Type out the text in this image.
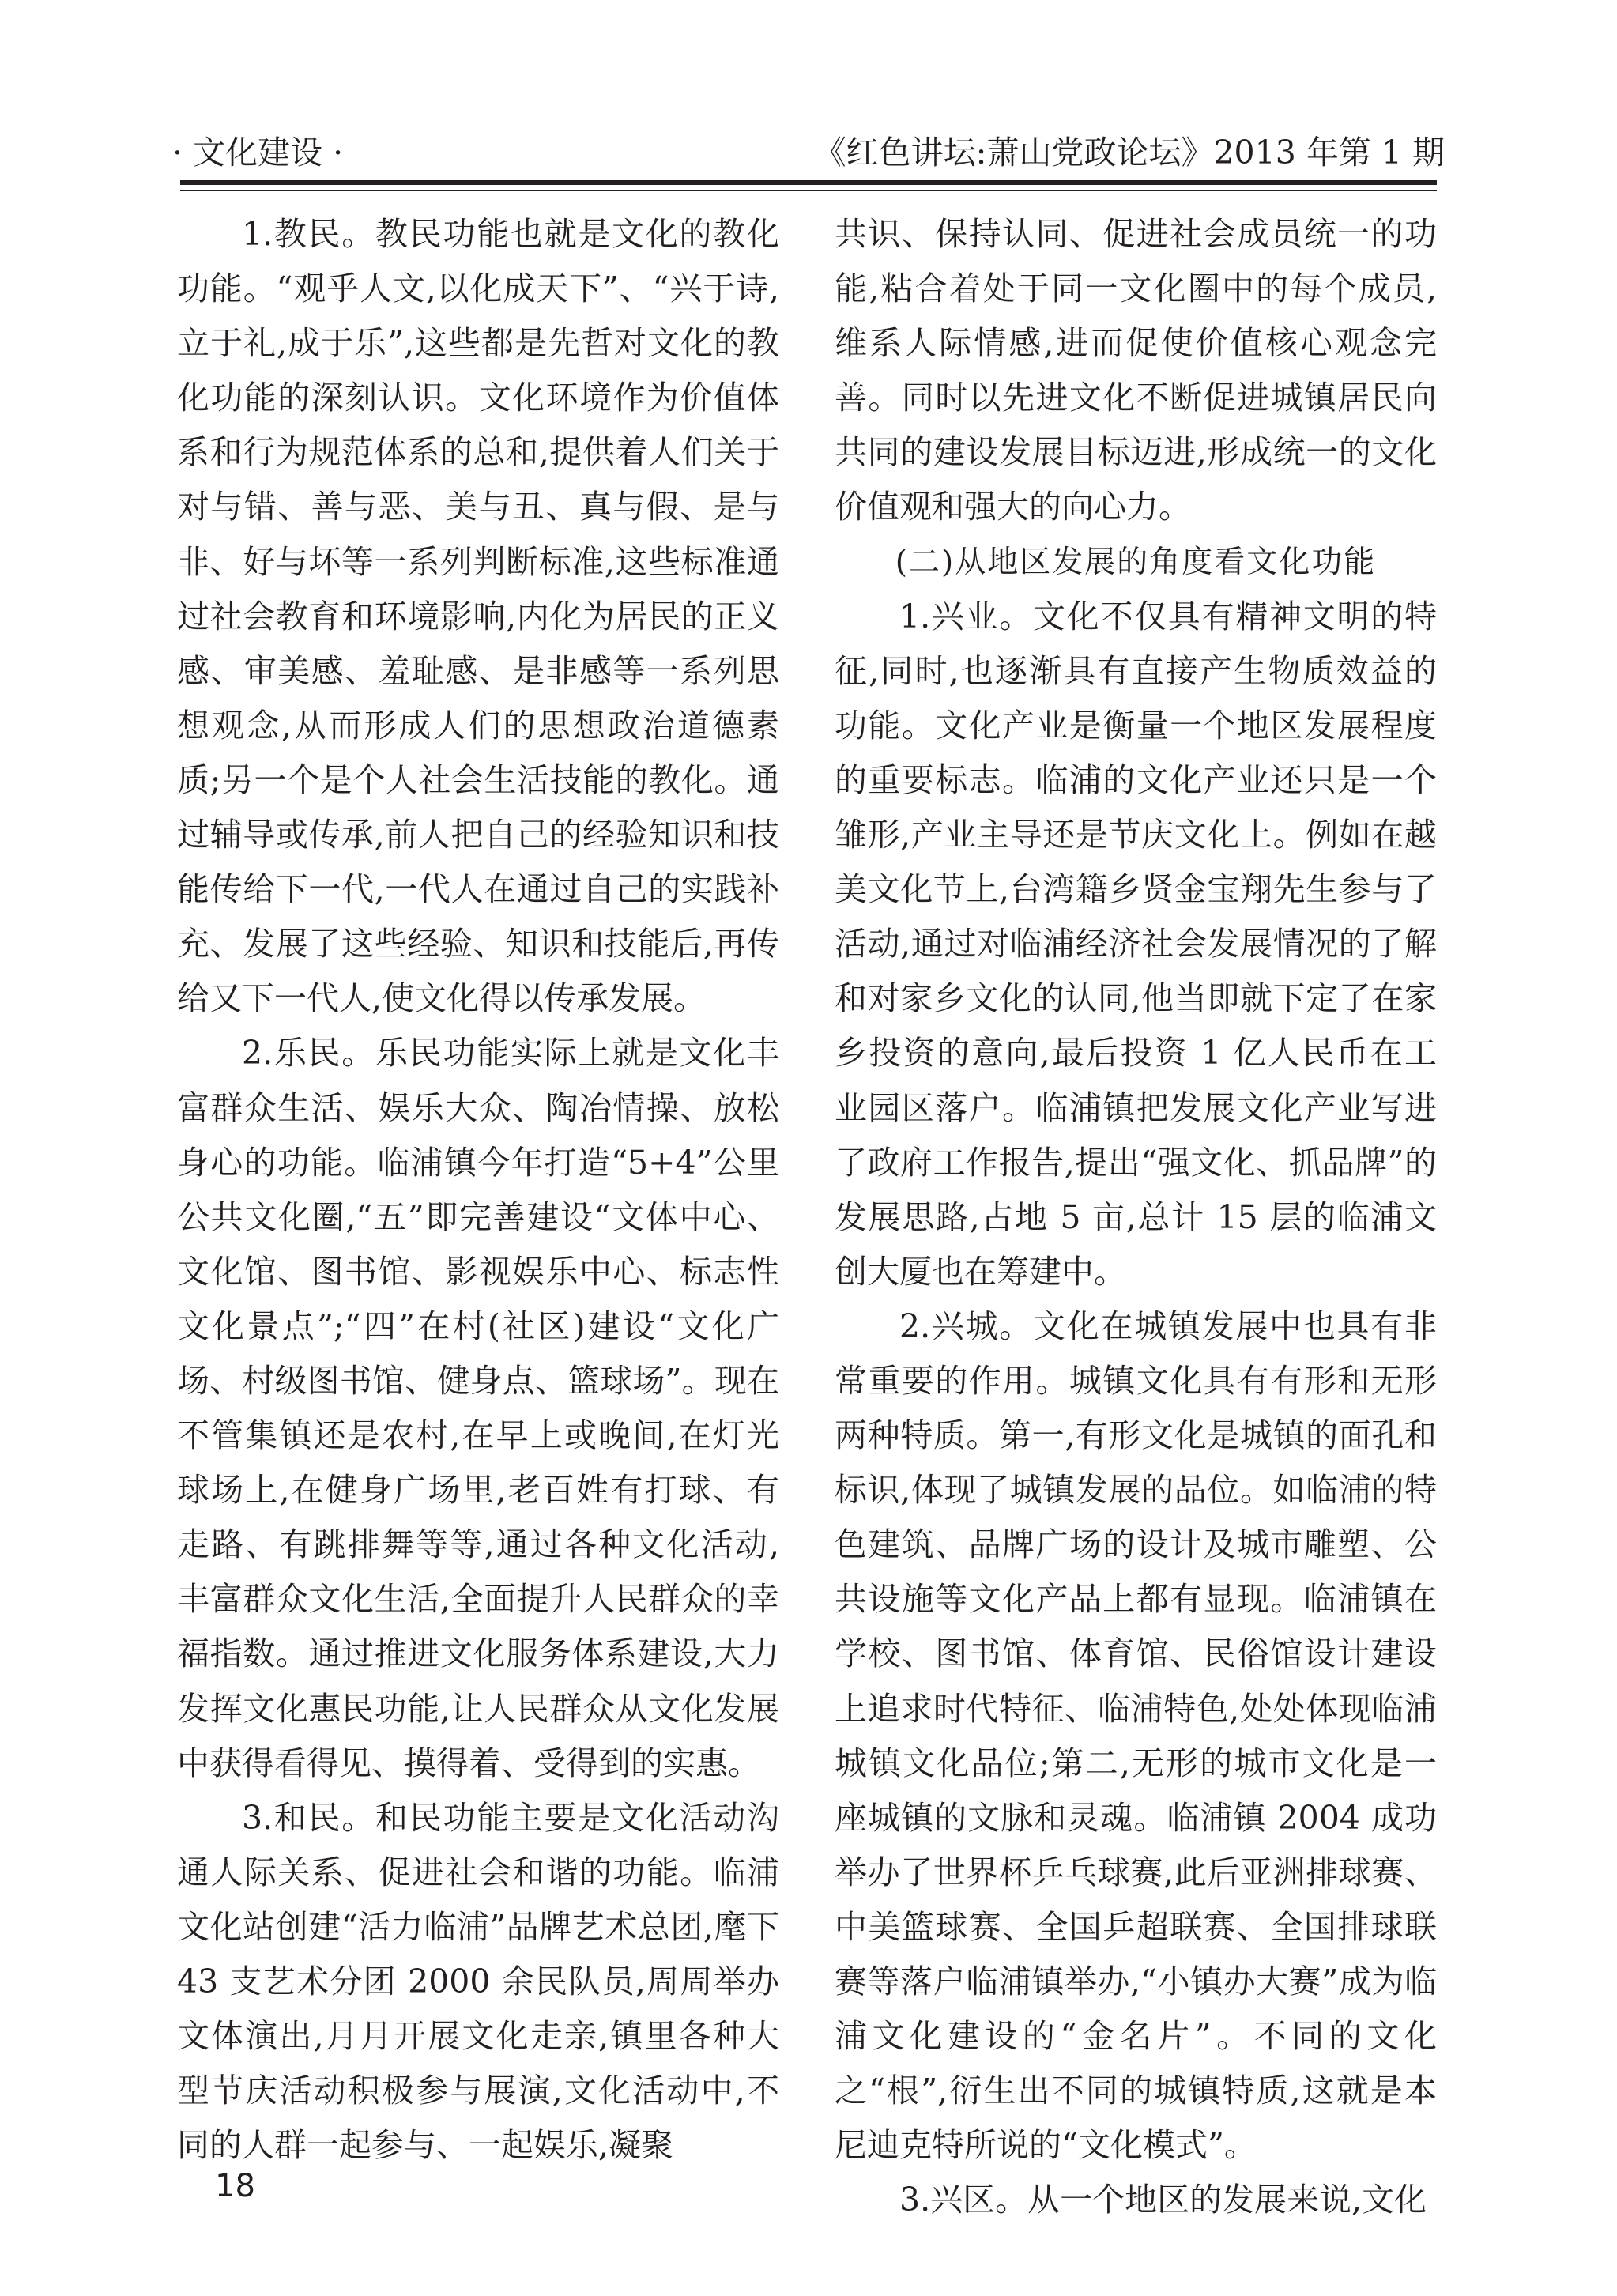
· 文化建设 ·	《红色讲坛:萧山党政论坛》2013 年第 1 期

1.教民。教民功能也就是文化的教化功能。“观乎人文,以化成天下”、“兴于诗,立于礼,成于乐”,这些都是先哲对文化的教化功能的深刻认识。文化环境作为价值体系和行为规范体系的总和,提供着人们关于对与错、善与恶、美与丑、真与假、是与非、好与坏等一系列判断标准,这些标准通过社会教育和环境影响,内化为居民的正义感、审美感、羞耻感、是非感等一系列思想观念,从而形成人们的思想政治道德素质;另一个是个人社会生活技能的教化。通过辅导或传承,前人把自己的经验知识和技能传给下一代,一代人在通过自己的实践补充、发展了这些经验、知识和技能后,再传给又下一代人,使文化得以传承发展。

2.乐民。乐民功能实际上就是文化丰富群众生活、娱乐大众、陶冶情操、放松身心的功能。临浦镇今年打造“5+4”公里公共文化圈,“五”即完善建设“文体中心、文化馆、图书馆、影视娱乐中心、标志性文化景点”;“四”在村(社区)建设“文化广场、村级图书馆、健身点、篮球场”。现在不管集镇还是农村,在早上或晚间,在灯光球场上,在健身广场里,老百姓有打球、有走路、有跳排舞等等,通过各种文化活动,丰富群众文化生活,全面提升人民群众的幸福指数。通过推进文化服务体系建设,大力发挥文化惠民功能,让人民群众从文化发展中获得看得见、摸得着、受得到的实惠。

3.和民。和民功能主要是文化活动沟通人际关系、促进社会和谐的功能。临浦文化站创建“活力临浦”品牌艺术总团,麾下 43 支艺术分团 2000 余民队员,周周举办文体演出,月月开展文化走亲,镇里各种大型节庆活动积极参与展演,文化活动中,不同的人群一起参与、一起娱乐,凝聚

共识、保持认同、促进社会成员统一的功能,粘合着处于同一文化圈中的每个成员,维系人际情感,进而促使价值核心观念完善。同时以先进文化不断促进城镇居民向共同的建设发展目标迈进,形成统一的文化价值观和强大的向心力。

(二)从地区发展的角度看文化功能

1.兴业。文化不仅具有精神文明的特征,同时,也逐渐具有直接产生物质效益的功能。文化产业是衡量一个地区发展程度的重要标志。临浦的文化产业还只是一个雏形,产业主导还是节庆文化上。例如在越美文化节上,台湾籍乡贤金宝翔先生参与了活动,通过对临浦经济社会发展情况的了解和对家乡文化的认同,他当即就下定了在家乡投资的意向,最后投资 1 亿人民币在工业园区落户。临浦镇把发展文化产业写进了政府工作报告,提出“强文化、抓品牌”的发展思路,占地 5 亩,总计 15 层的临浦文创大厦也在筹建中。

2.兴城。文化在城镇发展中也具有非常重要的作用。城镇文化具有有形和无形两种特质。第一,有形文化是城镇的面孔和标识,体现了城镇发展的品位。如临浦的特色建筑、品牌广场的设计及城市雕塑、公共设施等文化产品上都有显现。临浦镇在学校、图书馆、体育馆、民俗馆设计建设上追求时代特征、临浦特色,处处体现临浦城镇文化品位;第二,无形的城市文化是一座城镇的文脉和灵魂。临浦镇 2004 成功举办了世界杯乒乓球赛,此后亚洲排球赛、中美篮球赛、全国乒超联赛、全国排球联赛等落户临浦镇举办,“小镇办大赛”成为临浦文化建设的“金名片”。不同的文化之“根”,衍生出不同的城镇特质,这就是本尼迪克特所说的“文化模式”。

3.兴区。从一个地区的发展来说,文化

18
